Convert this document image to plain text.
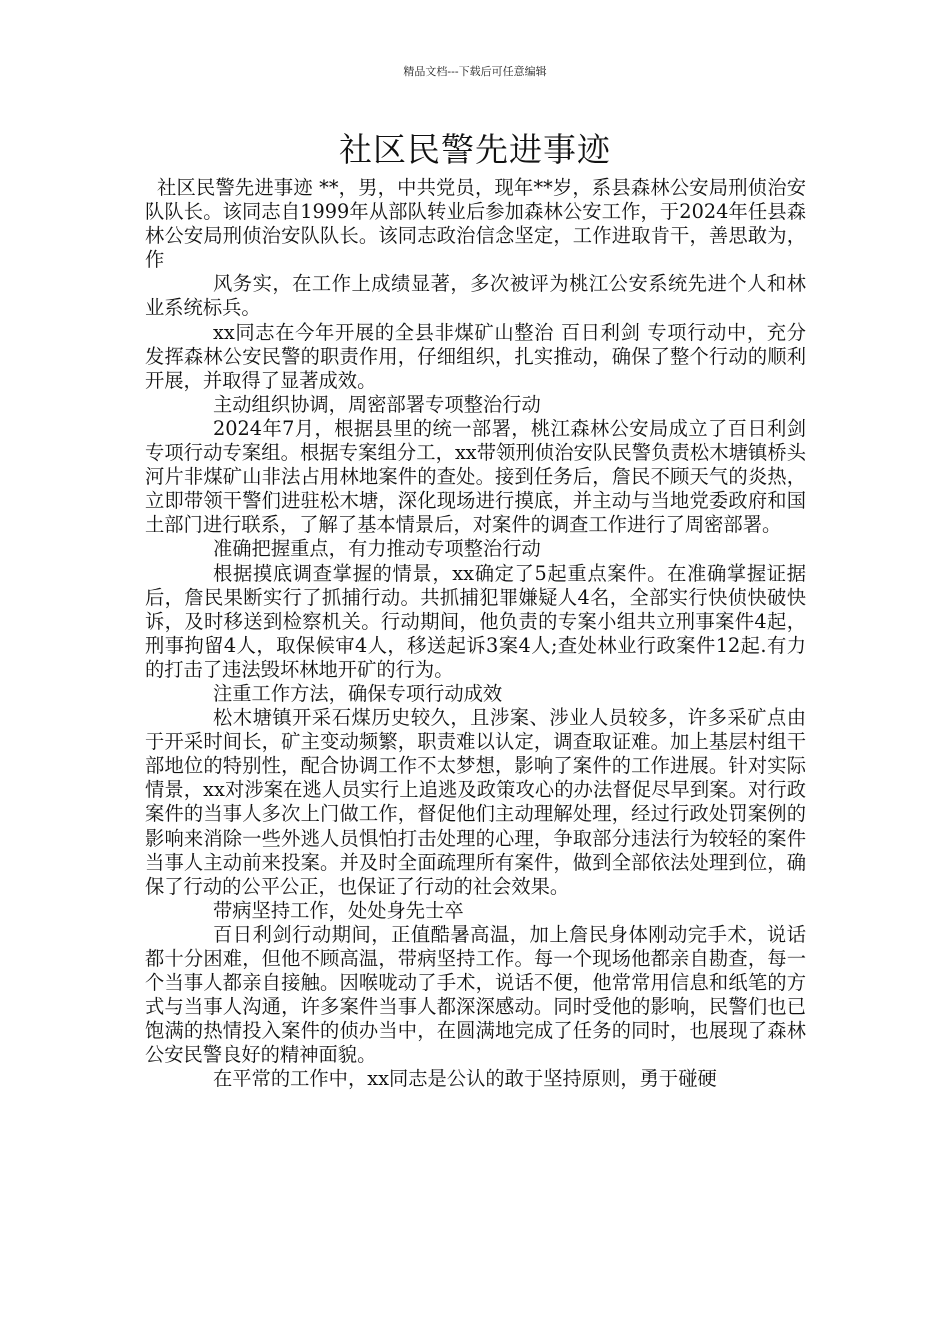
精品文档---下载后可任意编辑
社区民警先进事迹

社区民警先进事迹 **，男，中共党员，现年**岁，系县森林公安局刑侦治安队队长。该同志自1999年从部队转业后参加森林公安工作，于2024年任县森林公安局刑侦治安队队长。该同志政治信念坚定，工作进取肯干，善思敢为，作

风务实，在工作上成绩显著，多次被评为桃江公安系统先进个人和林业系统标兵。

xx同志在今年开展的全县非煤矿山整治 百日利剑 专项行动中，充分发挥森林公安民警的职责作用，仔细组织，扎实推动，确保了整个行动的顺利开展，并取得了显著成效。

主动组织协调，周密部署专项整治行动

2024年7月，根据县里的统一部署，桃江森林公安局成立了百日利剑专项行动专案组。根据专案组分工，xx带领刑侦治安队民警负责松木塘镇桥头河片非煤矿山非法占用林地案件的查处。接到任务后，詹民不顾天气的炎热，立即带领干警们进驻松木塘，深化现场进行摸底，并主动与当地党委政府和国土部门进行联系，了解了基本情景后，对案件的调查工作进行了周密部署。

准确把握重点，有力推动专项整治行动

根据摸底调查掌握的情景，xx确定了5起重点案件。在准确掌握证据后，詹民果断实行了抓捕行动。共抓捕犯罪嫌疑人4名，全部实行快侦快破快诉，及时移送到检察机关。行动期间，他负责的专案小组共立刑事案件4起，刑事拘留4人，取保候审4人，移送起诉3案4人;查处林业行政案件12起.有力的打击了违法毁坏林地开矿的行为。

注重工作方法，确保专项行动成效

松木塘镇开采石煤历史较久，且涉案、涉业人员较多，许多采矿点由于开采时间长，矿主变动频繁，职责难以认定，调查取证难。加上基层村组干部地位的特别性，配合协调工作不太梦想，影响了案件的工作进展。针对实际情景，xx对涉案在逃人员实行上追逃及政策攻心的办法督促尽早到案。对行政案件的当事人多次上门做工作，督促他们主动理解处理，经过行政处罚案例的影响来消除一些外逃人员惧怕打击处理的心理，争取部分违法行为较轻的案件当事人主动前来投案。并及时全面疏理所有案件，做到全部依法处理到位，确保了行动的公平公正，也保证了行动的社会效果。

带病坚持工作，处处身先士卒

百日利剑行动期间，正值酷暑高温，加上詹民身体刚动完手术，说话都十分困难，但他不顾高温，带病坚持工作。每一个现场他都亲自勘查，每一个当事人都亲自接触。因喉咙动了手术，说话不便，他常常用信息和纸笔的方式与当事人沟通，许多案件当事人都深深感动。同时受他的影响，民警们也已饱满的热情投入案件的侦办当中，在圆满地完成了任务的同时，也展现了森林公安民警良好的精神面貌。

在平常的工作中，xx同志是公认的敢于坚持原则，勇于碰硬
